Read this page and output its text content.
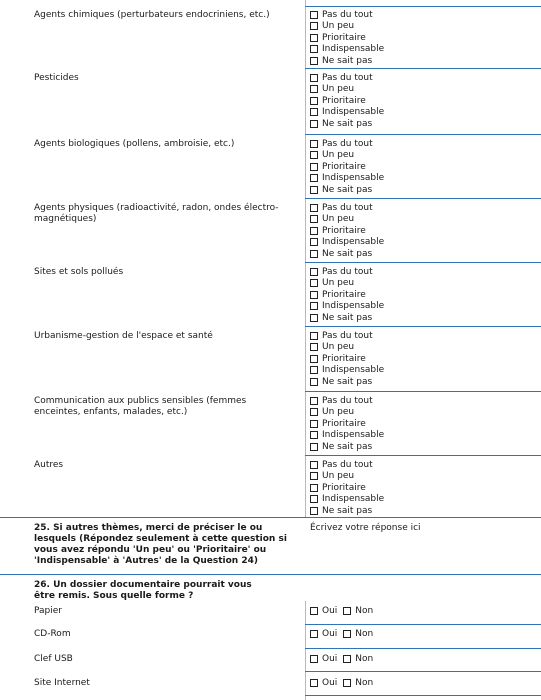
Agents chimiques (perturbateurs endocriniens, etc.)	Pas du tout
Un peu
Prioritaire
Indispensable
Ne sait pas
Pesticides	Pas du tout
Un peu
Prioritaire
Indispensable
Ne sait pas
Agents biologiques (pollens, ambroisie, etc.)	Pas du tout
Un peu
Prioritaire
Indispensable
Ne sait pas
Agents physiques (radioactivité, radon, ondes électro-magnétiques)
Pas du tout
Un peu
Prioritaire
Indispensable
Ne sait pas
Sites et sols pollués	Pas du tout
Un peu
Prioritaire
Indispensable
Ne sait pas
Urbanisme-gestion de l'espace et santé	Pas du tout
Un peu
Prioritaire
Indispensable
Ne sait pas
Communication aux publics sensibles (femmes enceintes, enfants, malades, etc.)
Pas du tout
Un peu
Prioritaire
Indispensable
Ne sait pas
Autres	Pas du tout
Un peu
Prioritaire
Indispensable
Ne sait pas
25. Si autres thèmes, merci de préciser le ou lesquels (Répondez seulement à cette question si vous avez répondu 'Un peu' ou 'Prioritaire' ou 'Indispensable' à 'Autres' de la Question 24)
Écrivez votre réponse ici
26. Un dossier documentaire pourrait vous être remis. Sous quelle forme ?
Papier	Oui Non
CD-Rom	Oui Non
Clef USB	Oui Non
Site Internet	Oui Non
